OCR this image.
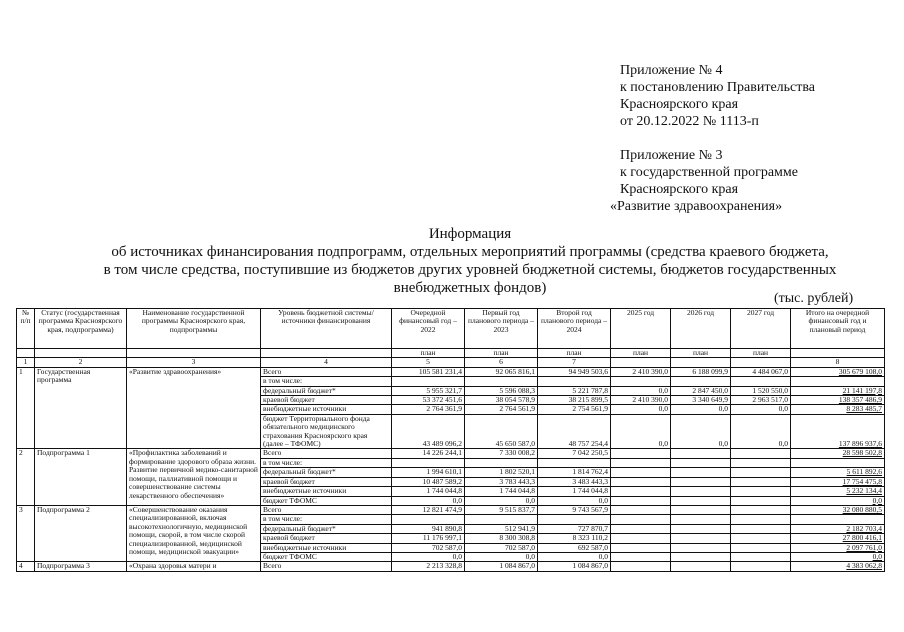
Приложение № 4
к постановлению Правительства
Красноярского края
от 20.12.2022 № 1113-п
Приложение № 3
к государственной программе
Красноярского края
«Развитие здравоохранения»
Информация
об источниках финансирования подпрограмм, отдельных мероприятий программы (средства краевого бюджета,
в том числе средства, поступившие из бюджетов других уровней бюджетной системы, бюджетов государственных
внебюджетных фондов)
(тыс. рублей)
№ п/п	Статус (государственная программа Красноярского края, подпрограмма)	Наименование государственной программы Красноярского края, подпрограммы	Уровень бюджетной системы/источники финансирования	Очередной финансовый год – 2022	Первый год планового периода – 2023	Второй год планового периода – 2024	2025 год	2026 год	2027 год	Итого на очередной финансовый год и плановый период
				план	план	план	план	план	план	
1	2	3	4	5	6	7				8
1	Государственная программа	«Развитие здравоохранения»	Всего	105 581 231,4	92 065 816,1	94 949 503,6	2 410 390,0	6 188 099,9	4 484 067,0	305 679 108,0
			в том числе:							
			федеральный бюджет*	5 955 321,7	5 596 088,3	5 221 787,8	0,0	2 847 450,0	1 520 550,0	21 141 197,8
			краевой бюджет	53 372 451,6	38 054 578,9	38 215 899,5	2 410 390,0	3 340 649,9	2 963 517,0	138 357 486,9
			внебюджетные источники	2 764 361,9	2 764 561,9	2 754 561,9	0,0	0,0	0,0	8 283 485,7
			бюджет Территориального фонда обязательного медицинского страхования Красноярского края (далее – ТФОМС)	43 489 096,2	45 650 587,0	48 757 254,4	0,0	0,0	0,0	137 896 937,6
2	Подпрограмма 1	«Профилактика заболеваний и формирование здорового образа жизни. Развитие первичной медико-санитарной помощи, паллиативной помощи и совершенствование системы лекарственного обеспечения»	Всего	14 226 244,1	7 330 008,2	7 042 250,5				28 598 502,8
			в том числе:							
			федеральный бюджет*	1 994 610,1	1 802 520,1	1 814 762,4				5 611 892,6
			краевой бюджет	10 487 589,2	3 783 443,3	3 483 443,3				17 754 475,8
			внебюджетные источники	1 744 044,8	1 744 044,8	1 744 044,8				5 232 134,4
			бюджет ТФОМС	0,0	0,0	0,0				0,0
3	Подпрограмма 2	«Совершенствование оказания специализированной, включая высокотехнологичную, медицинской помощи, скорой, в том числе скорой специализированной, медицинской помощи, медицинской эвакуации»	Всего	12 821 474,9	9 515 837,7	9 743 567,9				32 080 880,5
			в том числе:							
			федеральный бюджет*	941 890,8	512 941,9	727 870,7				2 182 703,4
			краевой бюджет	11 176 997,1	8 300 308,8	8 323 110,2				27 800 416,1
			внебюджетные источники	702 587,0	702 587,0	692 587,0				2 097 761,0
			бюджет ТФОМС	0,0	0,0	0,0				0,0
4	Подпрограмма 3	«Охрана здоровья матери и	Всего	2 213 328,8	1 084 867,0	1 084 867,0				4 383 062,8
